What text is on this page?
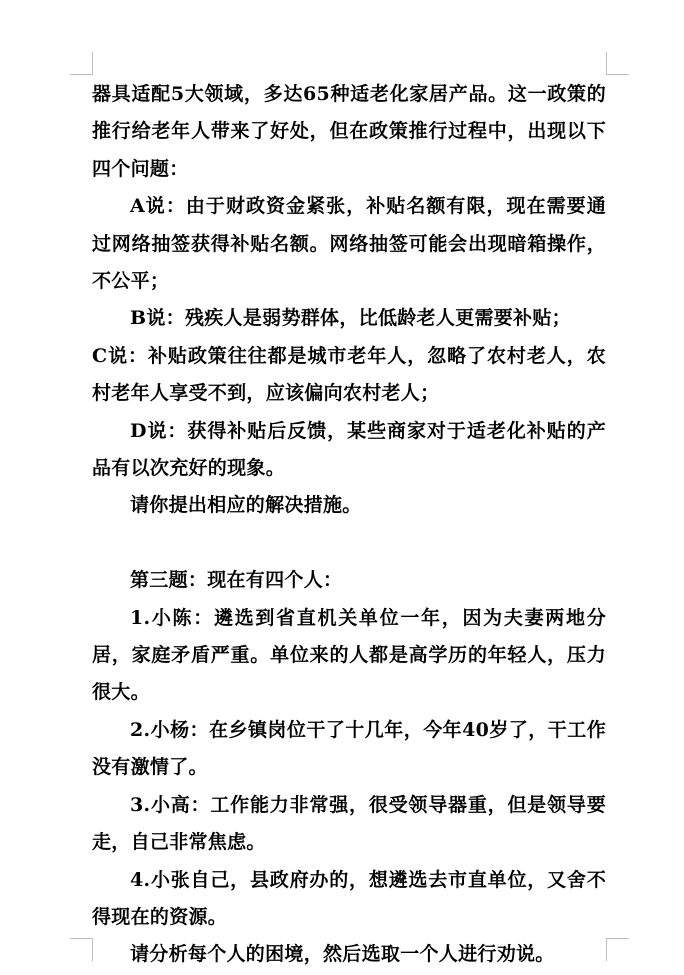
器具适配5大领域，多达65种适老化家居产品。这一政策的推行给老年人带来了好处，但在政策推行过程中，出现以下四个问题：

A说：由于财政资金紧张，补贴名额有限，现在需要通过网络抽签获得补贴名额。网络抽签可能会出现暗箱操作，不公平；

B说：残疾人是弱势群体，比低龄老人更需要补贴；

C说：补贴政策往往都是城市老年人，忽略了农村老人，农村老年人享受不到，应该偏向农村老人；

D说：获得补贴后反馈，某些商家对于适老化补贴的产品有以次充好的现象。

请你提出相应的解决措施。

第三题：现在有四个人：

1.小陈：遴选到省直机关单位一年，因为夫妻两地分居，家庭矛盾严重。单位来的人都是高学历的年轻人，压力很大。

2.小杨：在乡镇岗位干了十几年，今年40岁了，干工作没有激情了。

3.小高：工作能力非常强，很受领导器重，但是领导要走，自己非常焦虑。

4.小张自己，县政府办的，想遴选去市直单位，又舍不得现在的资源。

请分析每个人的困境，然后选取一个人进行劝说。
